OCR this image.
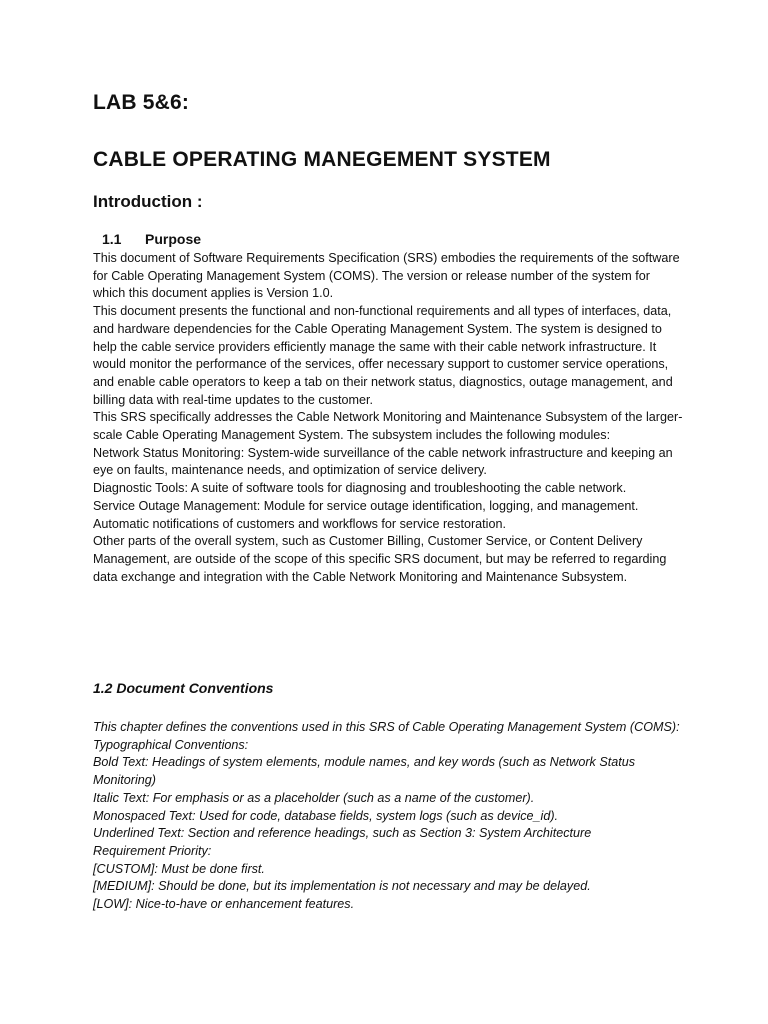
LAB 5&6:
CABLE OPERATING MANEGEMENT SYSTEM
Introduction :
1.1 Purpose

This document of Software Requirements Specification (SRS) embodies the requirements of the software for Cable Operating Management System (COMS). The version or release number of the system for which this document applies is Version 1.0.

This document presents the functional and non-functional requirements and all types of interfaces, data, and hardware dependencies for the Cable Operating Management System. The system is designed to help the cable service providers efficiently manage the same with their cable network infrastructure. It would monitor the performance of the services, offer necessary support to customer service operations, and enable cable operators to keep a tab on their network status, diagnostics, outage management, and billing data with real-time updates to the customer.

This SRS specifically addresses the Cable Network Monitoring and Maintenance Subsystem of the larger-scale Cable Operating Management System. The subsystem includes the following modules:

Network Status Monitoring: System-wide surveillance of the cable network infrastructure and keeping an eye on faults, maintenance needs, and optimization of service delivery.

Diagnostic Tools: A suite of software tools for diagnosing and troubleshooting the cable network.

Service Outage Management: Module for service outage identification, logging, and management. Automatic notifications of customers and workflows for service restoration.

Other parts of the overall system, such as Customer Billing, Customer Service, or Content Delivery Management, are outside of the scope of this specific SRS document, but may be referred to regarding data exchange and integration with the Cable Network Monitoring and Maintenance Subsystem.

1.2 Document Conventions

This chapter defines the conventions used in this SRS of Cable Operating Management System (COMS):

Typographical Conventions:

Bold Text: Headings of system elements, module names, and key words (such as Network Status Monitoring)

Italic Text: For emphasis or as a placeholder (such as a name of the customer).

Monospaced Text: Used for code, database fields, system logs (such as device_id).

Underlined Text: Section and reference headings, such as Section 3: System Architecture

Requirement Priority:

[CUSTOM]: Must be done first.

[MEDIUM]: Should be done, but its implementation is not necessary and may be delayed.

[LOW]: Nice-to-have or enhancement features.
